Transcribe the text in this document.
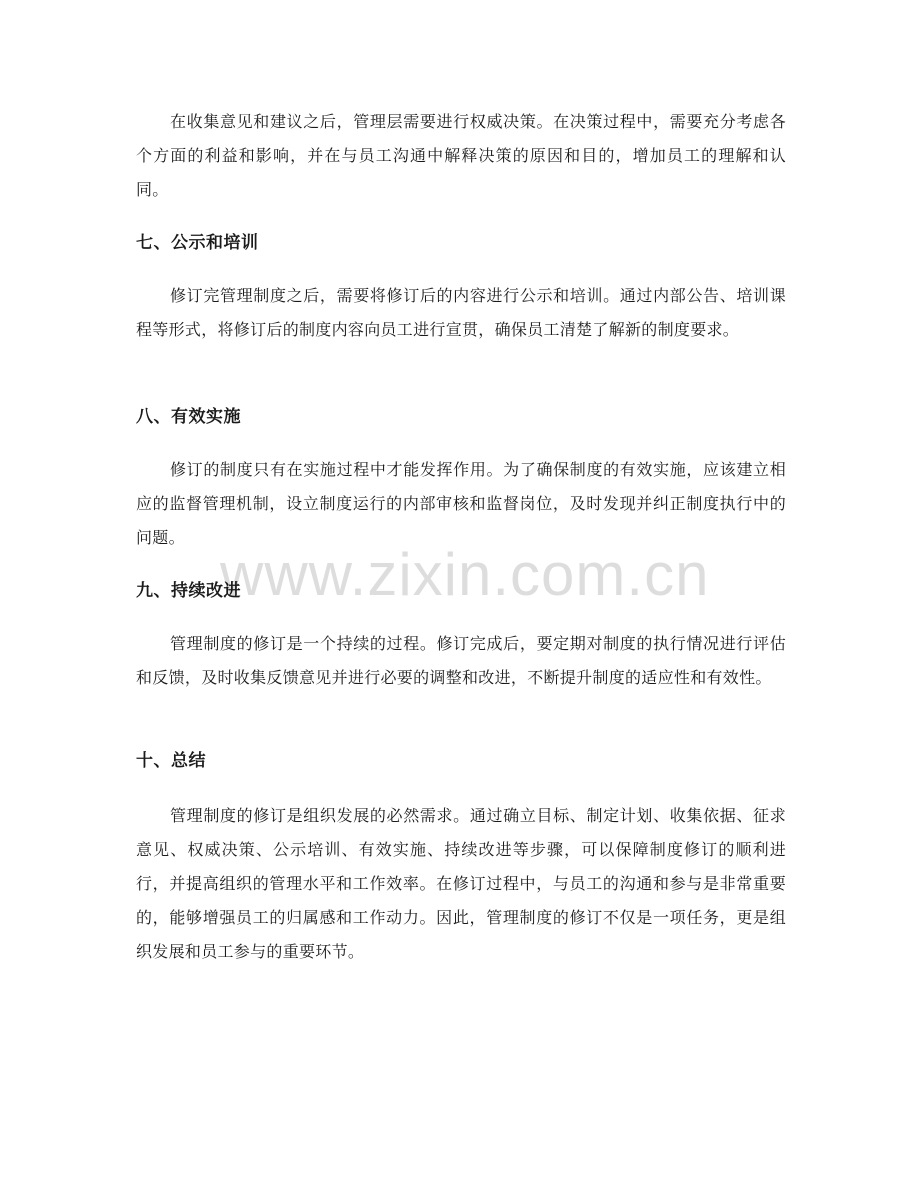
在收集意见和建议之后，管理层需要进行权威决策。在决策过程中，需要充分考虑各个方面的利益和影响，并在与员工沟通中解释决策的原因和目的，增加员工的理解和认同。

七、公示和培训

修订完管理制度之后，需要将修订后的内容进行公示和培训。通过内部公告、培训课程等形式，将修订后的制度内容向员工进行宣贯，确保员工清楚了解新的制度要求。

八、有效实施

修订的制度只有在实施过程中才能发挥作用。为了确保制度的有效实施，应该建立相应的监督管理机制，设立制度运行的内部审核和监督岗位，及时发现并纠正制度执行中的问题。

九、持续改进

管理制度的修订是一个持续的过程。修订完成后，要定期对制度的执行情况进行评估和反馈，及时收集反馈意见并进行必要的调整和改进，不断提升制度的适应性和有效性。

十、总结

管理制度的修订是组织发展的必然需求。通过确立目标、制定计划、收集依据、征求意见、权威决策、公示培训、有效实施、持续改进等步骤，可以保障制度修订的顺利进行，并提高组织的管理水平和工作效率。在修订过程中，与员工的沟通和参与是非常重要的，能够增强员工的归属感和工作动力。因此，管理制度的修订不仅是一项任务，更是组织发展和员工参与的重要环节。

www.zixin.com.cn
